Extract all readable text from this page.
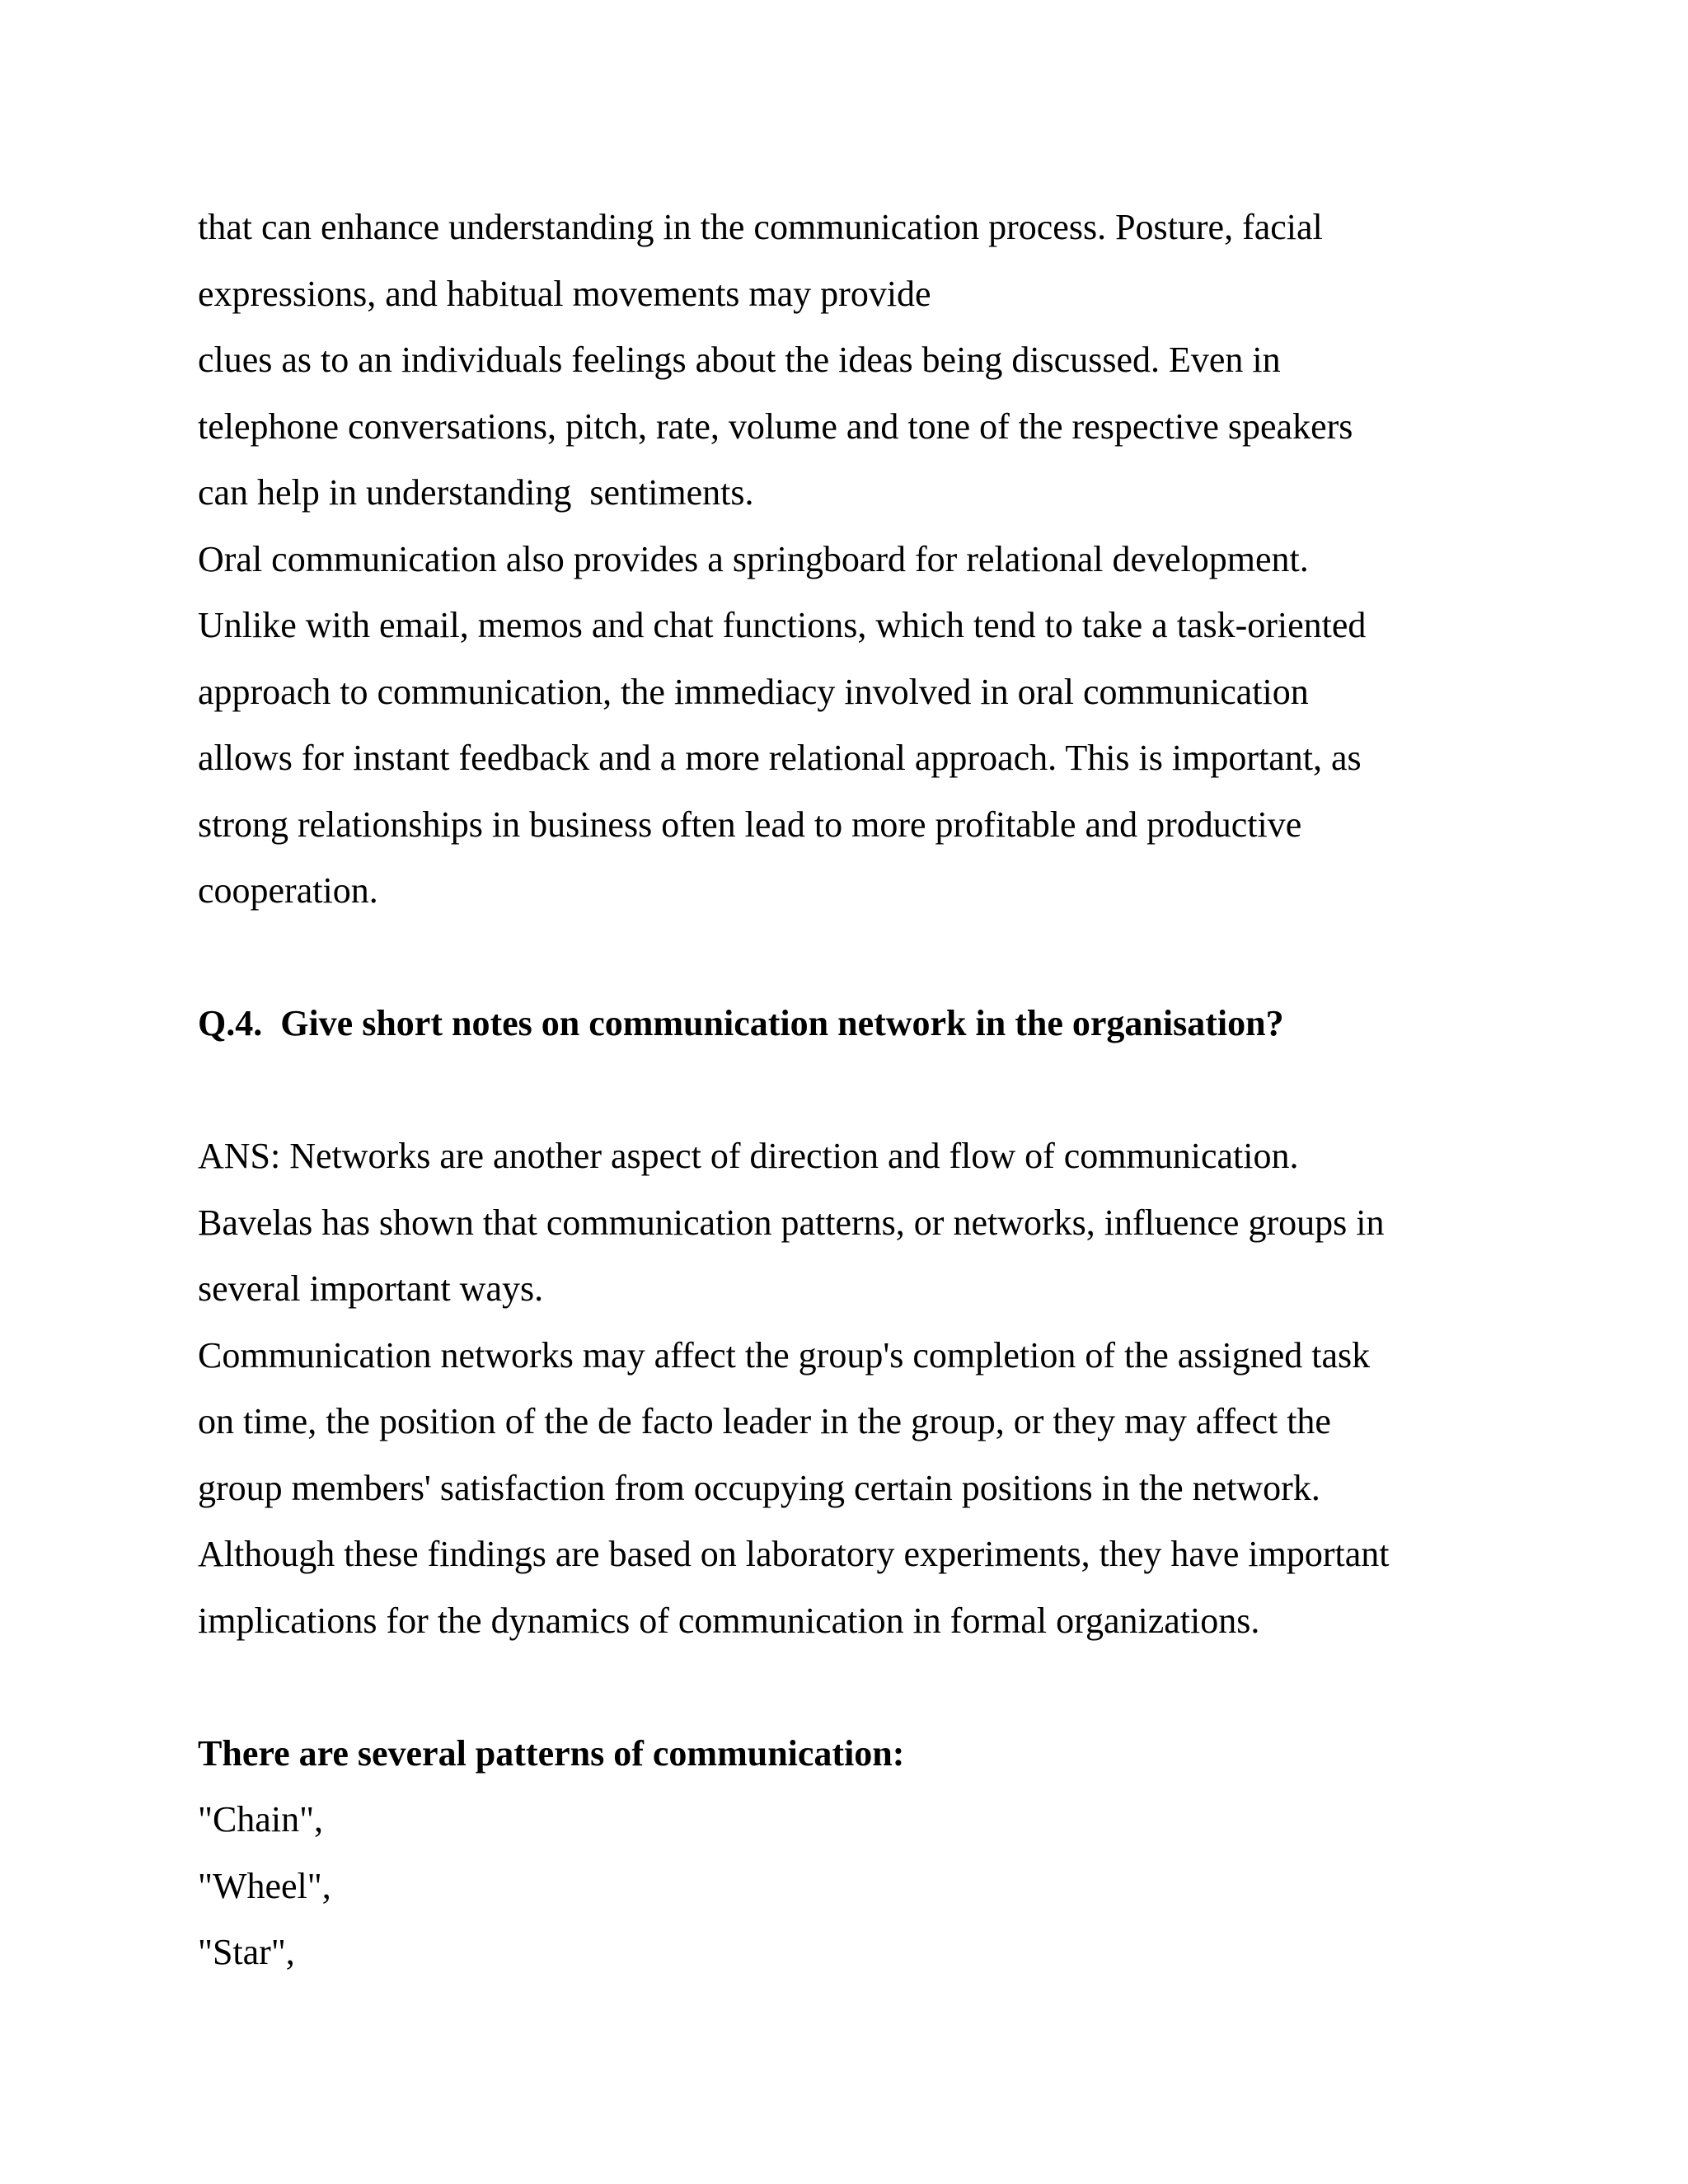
that can enhance understanding in the communication process. Posture, facial
expressions, and habitual movements may provide
clues as to an individuals feelings about the ideas being discussed. Even in
telephone conversations, pitch, rate, volume and tone of the respective speakers
can help in understanding  sentiments.
Oral communication also provides a springboard for relational development.
Unlike with email, memos and chat functions, which tend to take a task-oriented
approach to communication, the immediacy involved in oral communication
allows for instant feedback and a more relational approach. This is important, as
strong relationships in business often lead to more profitable and productive
cooperation.
Q.4.  Give short notes on communication network in the organisation?
ANS: Networks are another aspect of direction and flow of communication.
Bavelas has shown that communication patterns, or networks, influence groups in
several important ways.
Communication networks may affect the group's completion of the assigned task
on time, the position of the de facto leader in the group, or they may affect the
group members' satisfaction from occupying certain positions in the network.
Although these findings are based on laboratory experiments, they have important
implications for the dynamics of communication in formal organizations.
There are several patterns of communication:
"Chain",
"Wheel",
"Star",
